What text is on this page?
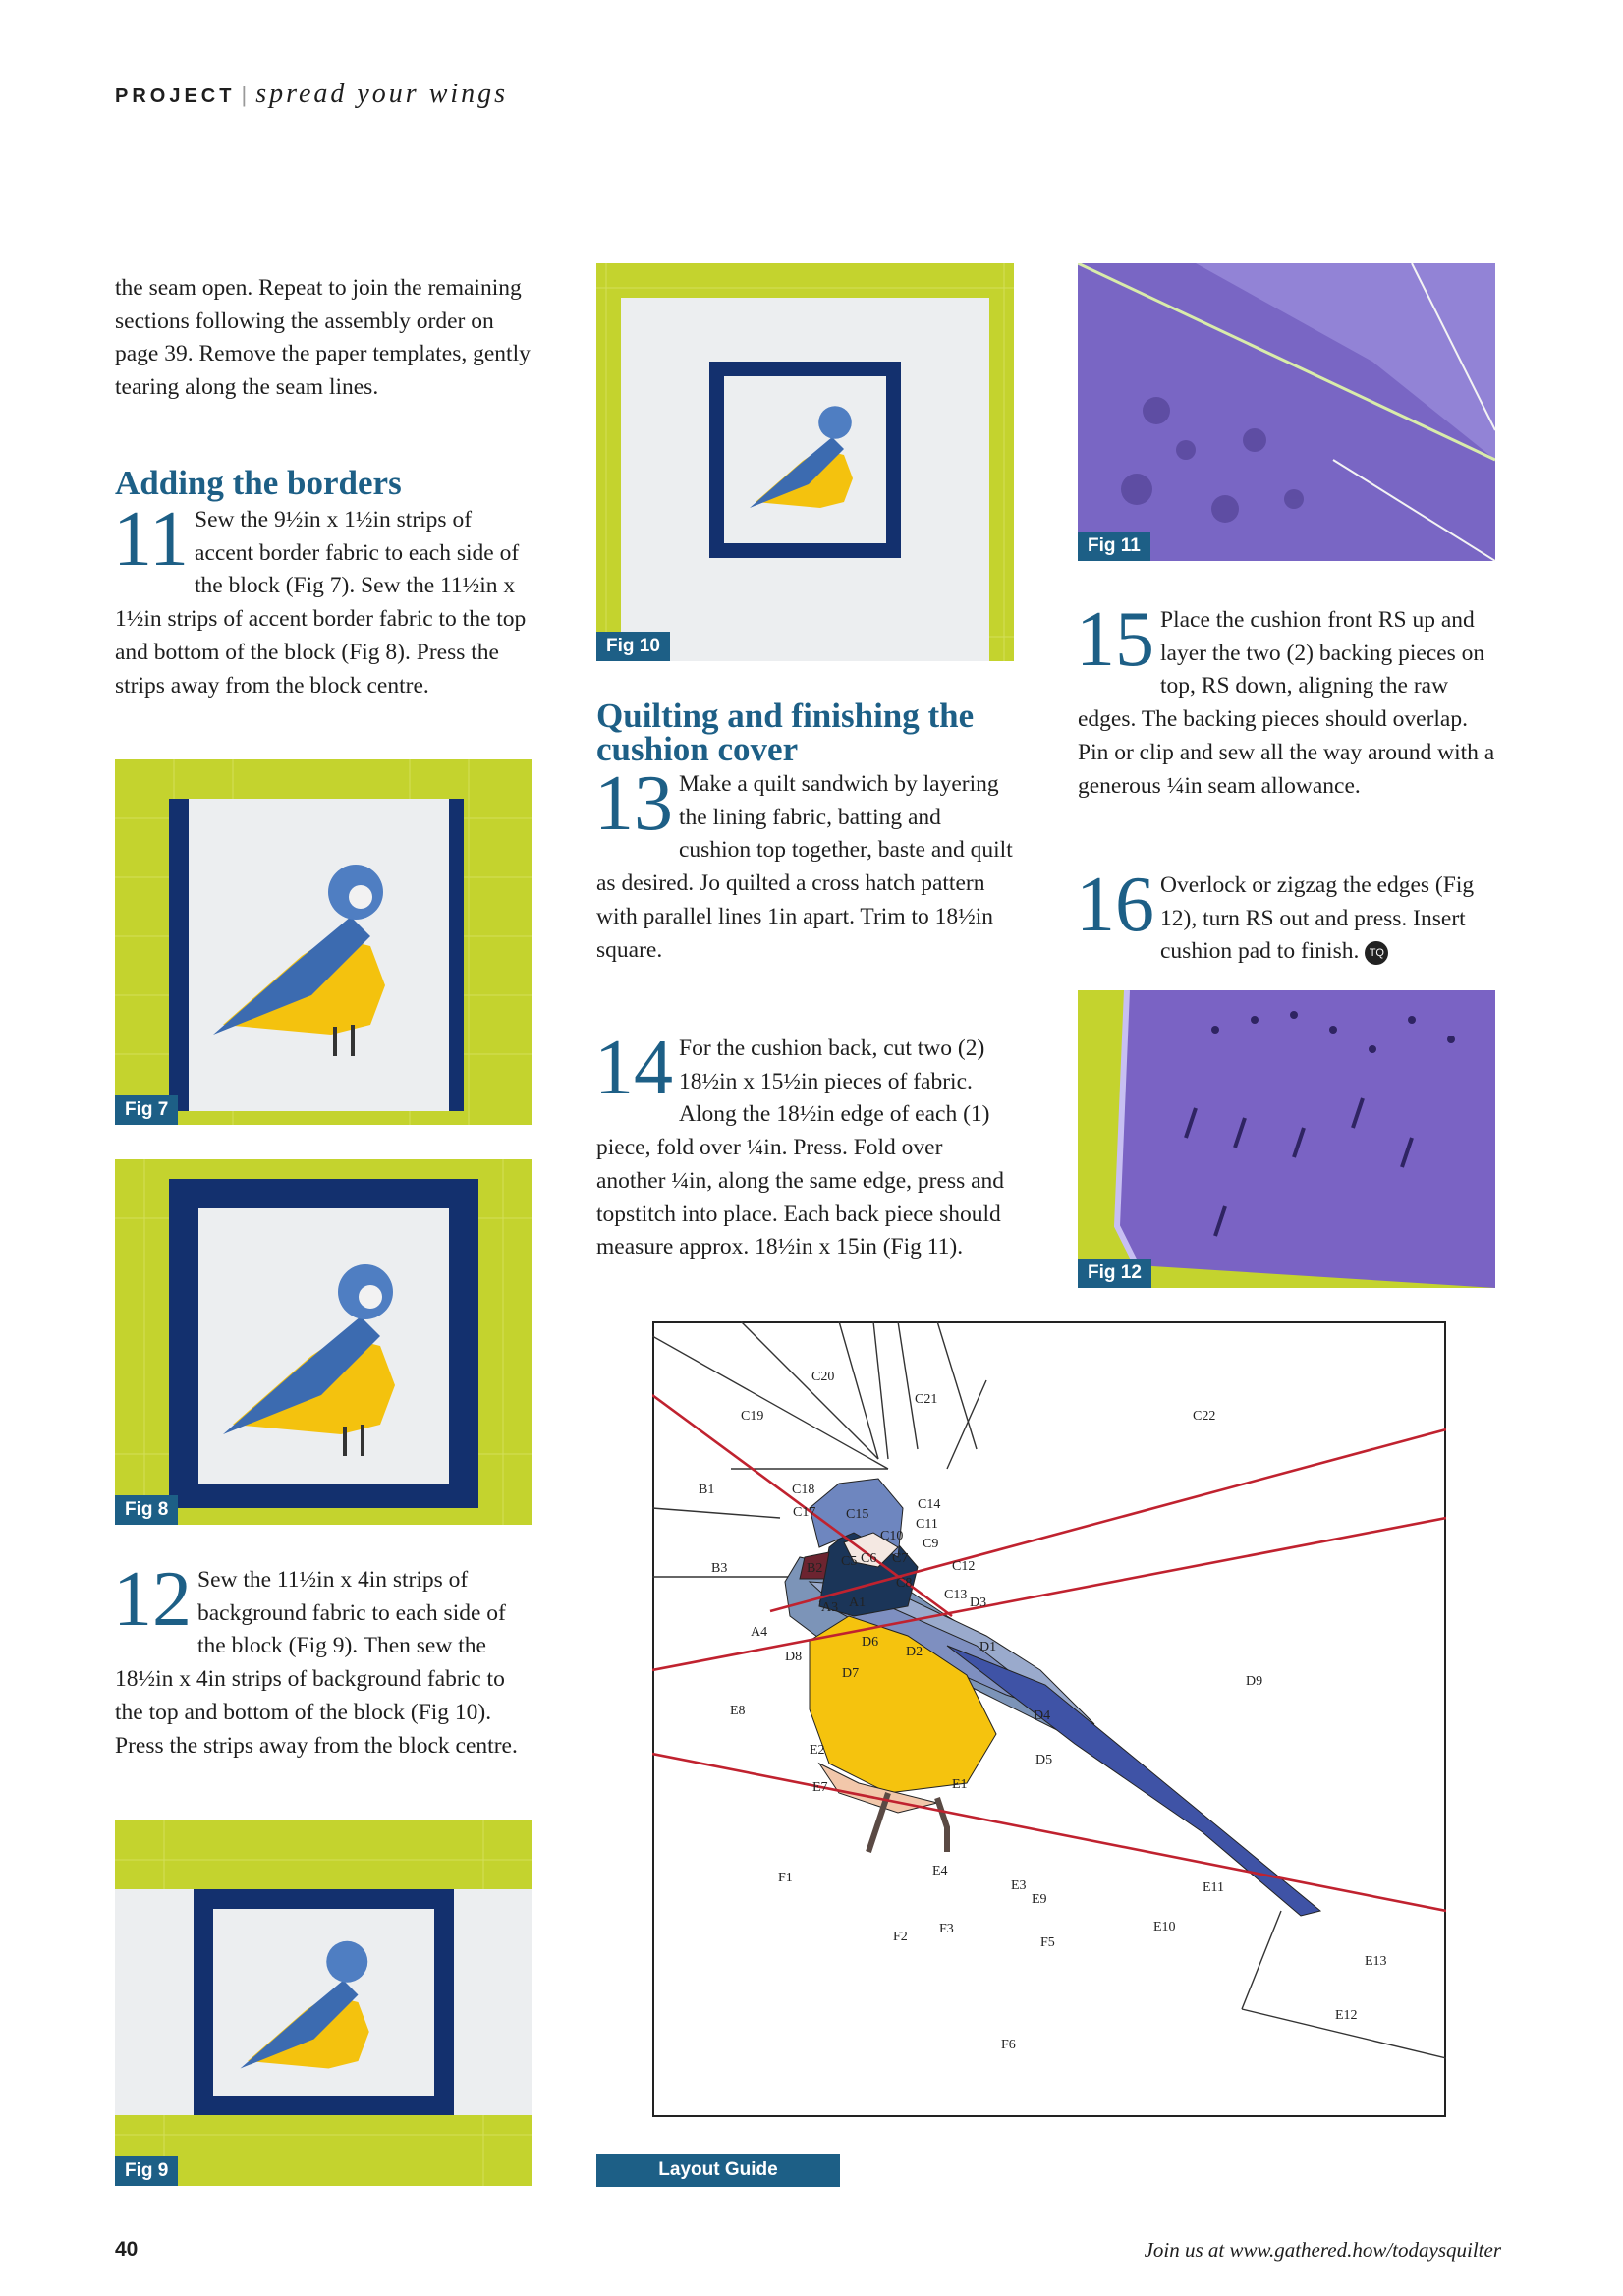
PROJECT | spread your wings

the seam open. Repeat to join the remaining sections following the assembly order on page 39. Remove the paper templates, gently tearing along the seam lines.

Adding the borders
11 Sew the 9½in x 1½in strips of accent border fabric to each side of the block (Fig 7). Sew the 11½in x 1½in strips of accent border fabric to the top and bottom of the block (Fig 8). Press the strips away from the block centre.
Fig 7
Fig 8
12 Sew the 11½in x 4in strips of background fabric to each side of the block (Fig 9). Then sew the 18½in x 4in strips of background fabric to the top and bottom of the block (Fig 10). Press the strips away from the block centre.
Fig 9
Fig 10
Quilting and finishing the cushion cover
13 Make a quilt sandwich by layering the lining fabric, batting and cushion top together, baste and quilt as desired. Jo quilted a cross hatch pattern with parallel lines 1in apart. Trim to 18½in square.
14 For the cushion back, cut two (2) 18½in x 15½in pieces of fabric. Along the 18½in edge of each (1) piece, fold over ¼in. Press. Fold over another ¼in, along the same edge, press and topstitch into place. Each back piece should measure approx. 18½in x 15in (Fig 11).
Fig 11
15 Place the cushion front RS up and layer the two (2) backing pieces on top, RS down, aligning the raw edges. The backing pieces should overlap. Pin or clip and sew all the way around with a generous ¼in seam allowance.
16 Overlock or zigzag the edges (Fig 12), turn RS out and press. Insert cushion pad to finish. TQ
Fig 12
C20
C21
C19	C22
B1	C18
C17 C15
C14
C11
C10
C9
B3	B2 C5 C6 C7
C12
C8
C13
D3
A1
A3
A4
D6
D8	D2	D1
D7
D9
E8	D4
D5
E1
E7
E2
F1	E4
E3
E9
F3
F2	F5
E10
E11
E13
E12
F6
Layout Guide
40	Join us at www.gathered.how/todaysquilter
